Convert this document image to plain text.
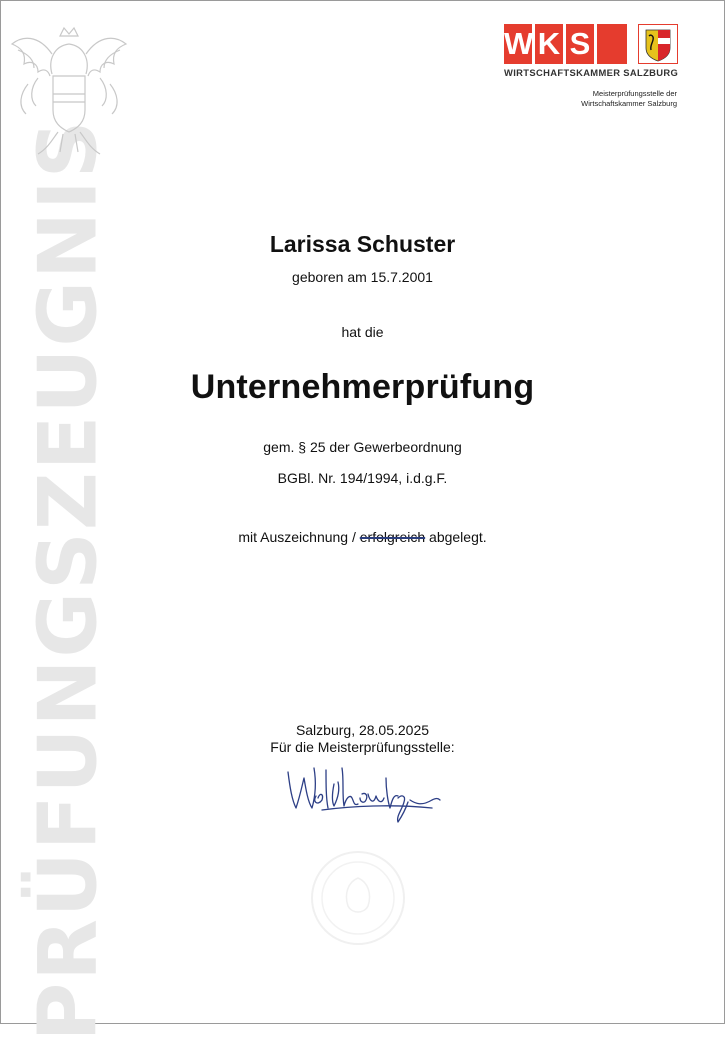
PRÜFUNGSZEUGNIS
W K S
WIRTSCHAFTSKAMMER SALZBURG
Meisterprüfungsstelle der
Wirtschaftskammer Salzburg
Larissa Schuster
geboren am 15.7.2001
hat die
Unternehmerprüfung
gem. § 25 der Gewerbeordnung
BGBl. Nr. 194/1994, i.d.g.F.
mit Auszeichnung / erfolgreich abgelegt.
Salzburg, 28.05.2025
Für die Meisterprüfungsstelle:
